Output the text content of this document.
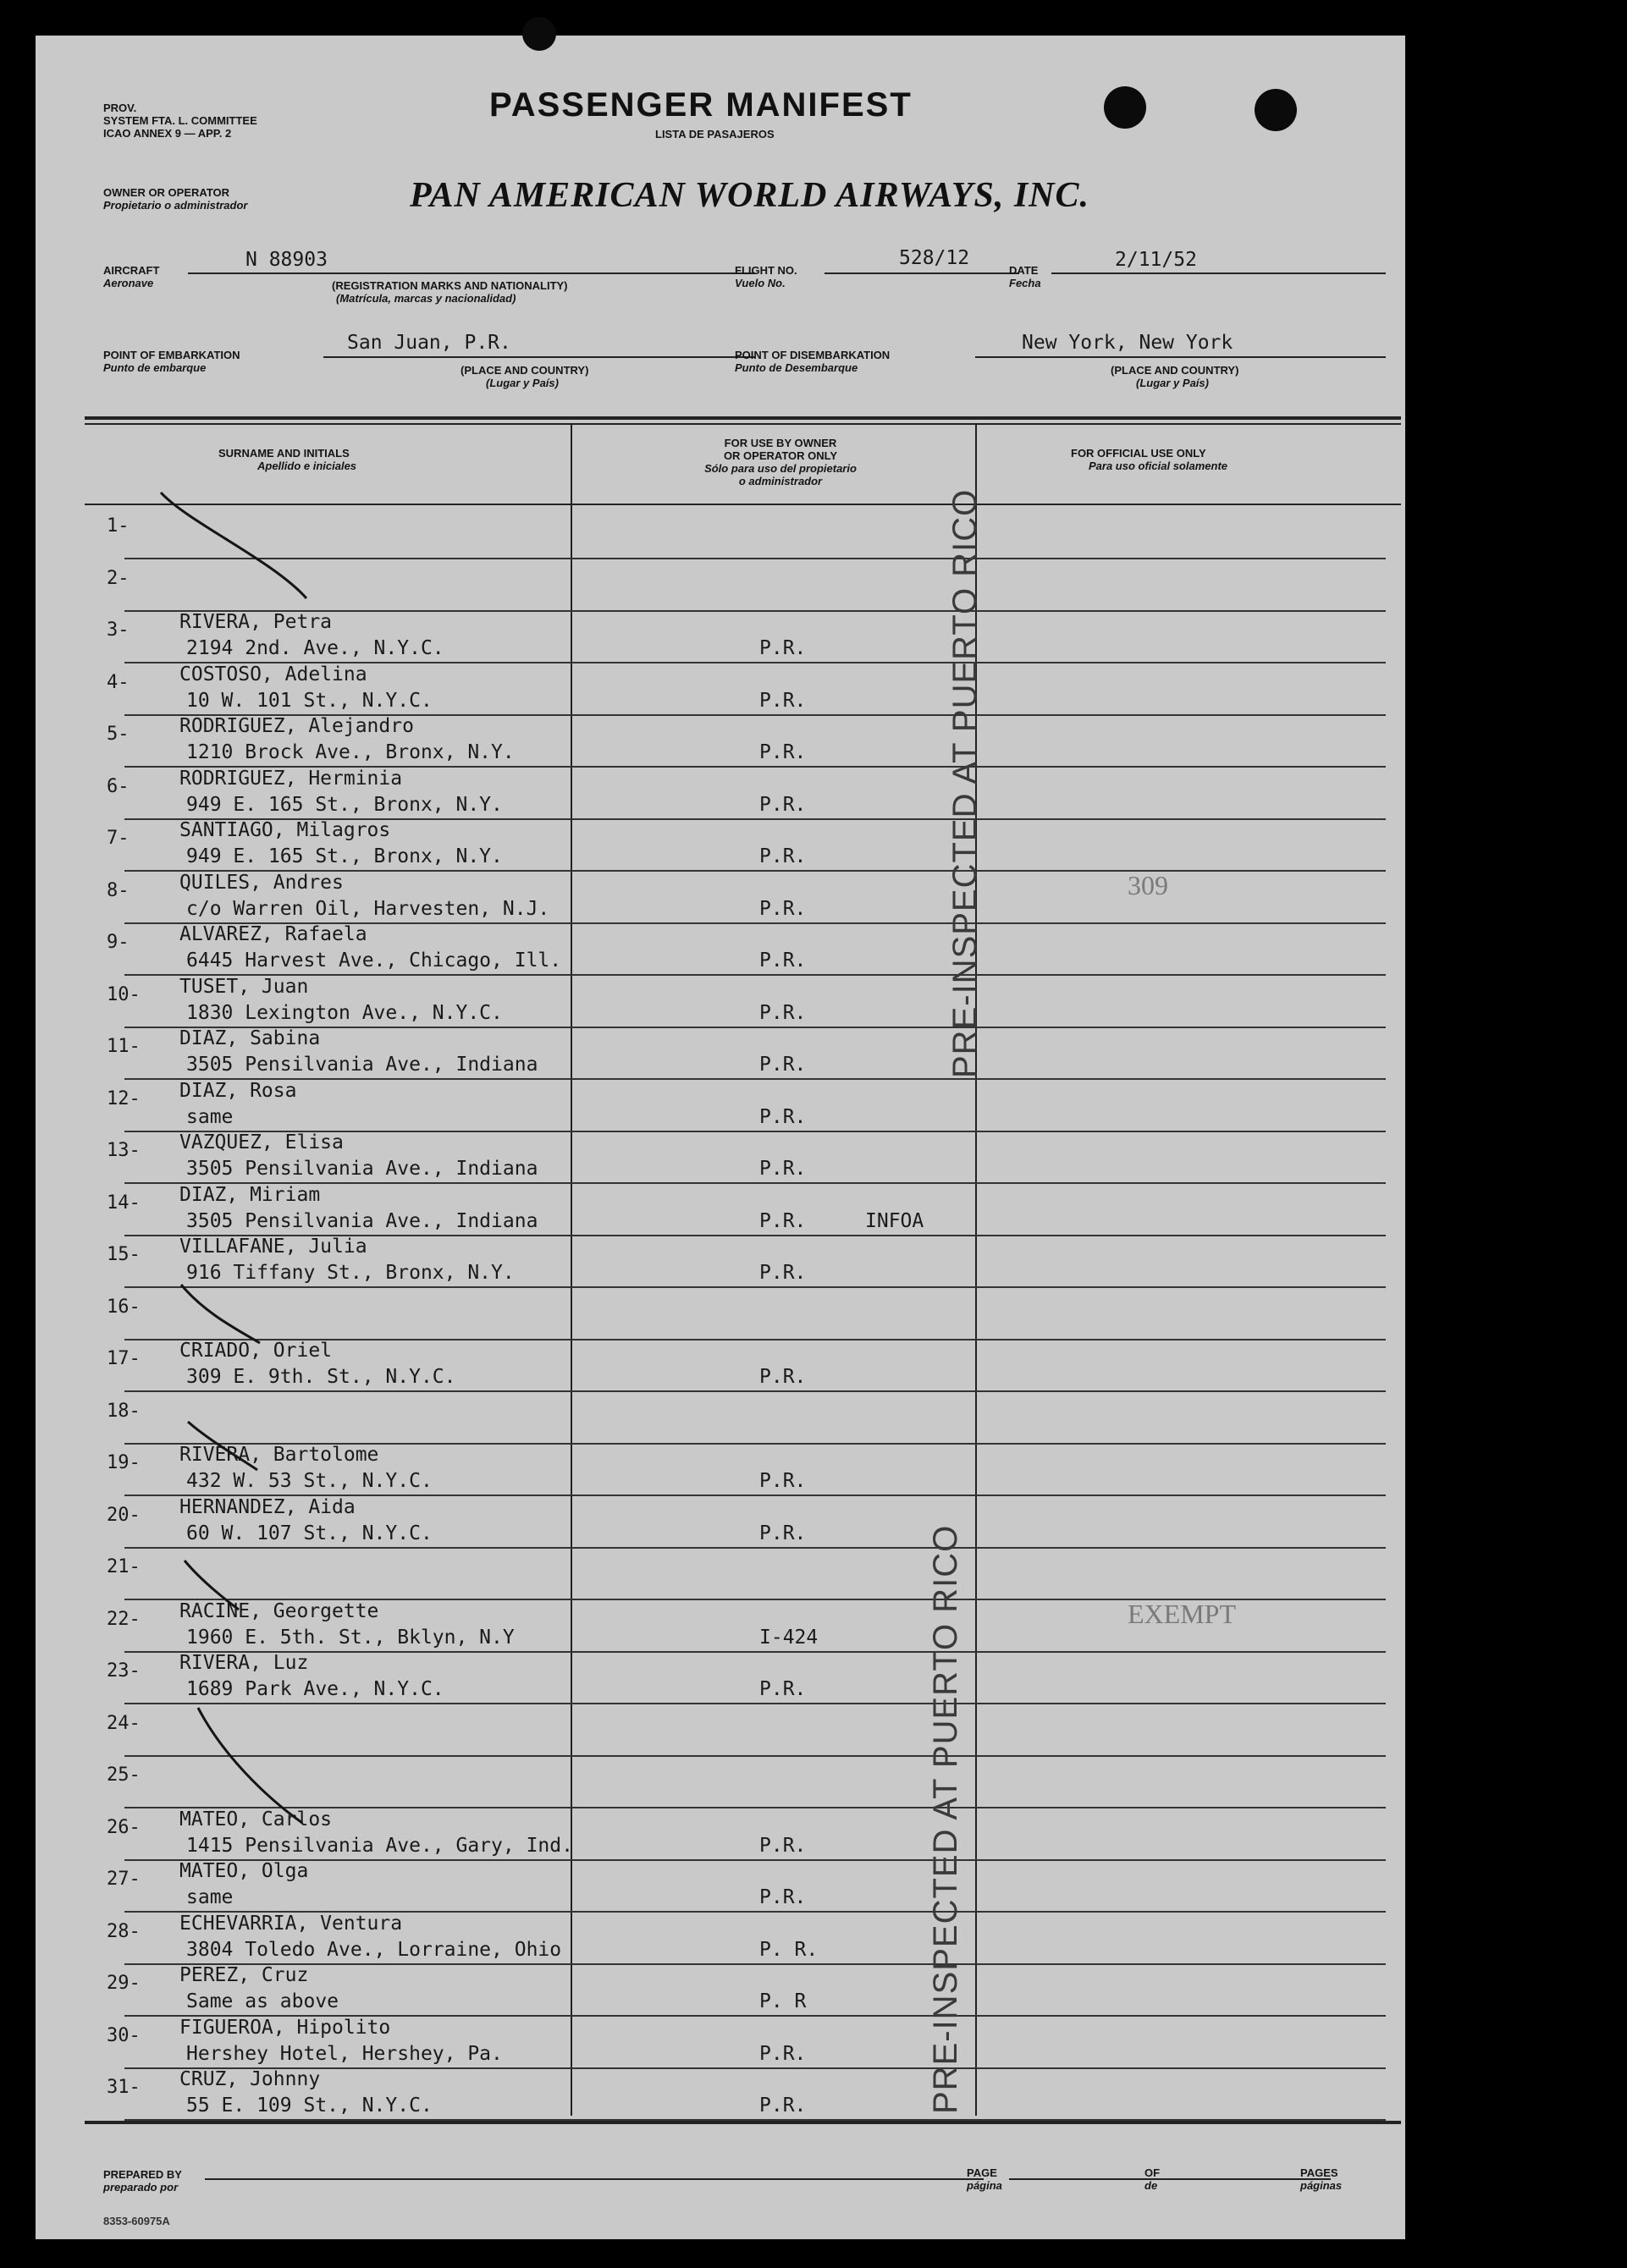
PROV.
SYSTEM FTA. L. COMMITTEE
ICAO ANNEX 9 — APP. 2
PASSENGER MANIFEST
LISTA DE PASAJEROS
OWNER OR OPERATOR
Propietario o administrador	PAN AMERICAN WORLD AIRWAYS, INC.
AIRCRAFT
Aeronave
N 88903
(REGISTRATION MARKS AND NATIONALITY)
(Matrícula, marcas y nacionalidad)
FLIGHT NO.
Vuelo No.
528/12
DATE
Fecha
2/11/52
POINT OF EMBARKATION
Punto de embarque
San Juan, P.R.
(PLACE AND COUNTRY)
(Lugar y País)
POINT OF DISEMBARKATION
Punto de Desembarque
New York, New York
(PLACE AND COUNTRY)
(Lugar y País)
SURNAME AND INITIALS
Apellido e iniciales
FOR USE BY OWNER
OR OPERATOR ONLY
Sólo para uso del propietario
o administrador
FOR OFFICIAL USE ONLY
Para uso oficial solamente
1-
2-
3-	RIVERA, Petra
2194 2nd. Ave., N.Y.C.	P.R.
4-	COSTOSO, Adelina
10 W. 101 St., N.Y.C.	P.R.
5-	RODRIGUEZ, Alejandro
1210 Brock Ave., Bronx, N.Y.	P.R.
6-	RODRIGUEZ, Herminia
949 E. 165 St., Bronx, N.Y.	P.R.
7-	SANTIAGO, Milagros
949 E. 165 St., Bronx, N.Y.	P.R.
8-	QUILES, Andres
c/o Warren Oil, Harvesten, N.J.	P.R.
309
9-	ALVAREZ, Rafaela
6445 Harvest Ave., Chicago, Ill.	P.R.
10- TUSET, Juan
1830 Lexington Ave., N.Y.C.	P.R.
11- DIAZ, Sabina
3505 Pensilvania Ave., Indiana	P.R.
12- DIAZ, Rosa
same	P.R.
13- VAZQUEZ, Elisa
3505 Pensilvania Ave., Indiana	P.R.
14- DIAZ, Miriam
3505 Pensilvania Ave., Indiana	P.R.	INFOA
15- VILLAFANE, Julia
916 Tiffany St., Bronx, N.Y.	P.R.
16-
17- CRIADO, Oriel
309 E. 9th. St., N.Y.C.	P.R.
18-
19- RIVERA, Bartolome
432 W. 53 St., N.Y.C.	P.R.
20- HERNANDEZ, Aida
60 W. 107 St., N.Y.C.	P.R.
21-
22- RACINE, Georgette
1960 E. 5th. St., Bklyn, N.Y	I-424
EXEMPT
23- RIVERA, Luz
1689 Park Ave., N.Y.C.	P.R.
24-
25-
26- MATEO, Carlos
1415 Pensilvania Ave., Gary, Ind.	P.R.
27- MATEO, Olga
same	P.R.
28- ECHEVARRIA, Ventura
3804 Toledo Ave., Lorraine, Ohio	P. R.
29- PEREZ, Cruz
Same as above	P. R
30- FIGUEROA, Hipolito
Hershey Hotel, Hershey, Pa.	P.R.
31- CRUZ, Johnny
55 E. 109 St., N.Y.C.	P.R.
PRE-INSPECTED AT PUERTO RICO
PRE-INSPECTED AT PUERTO RICO
PREPARED BY
preparado por
PAGE
página
OF
de
PAGES
páginas
8353-60975A
